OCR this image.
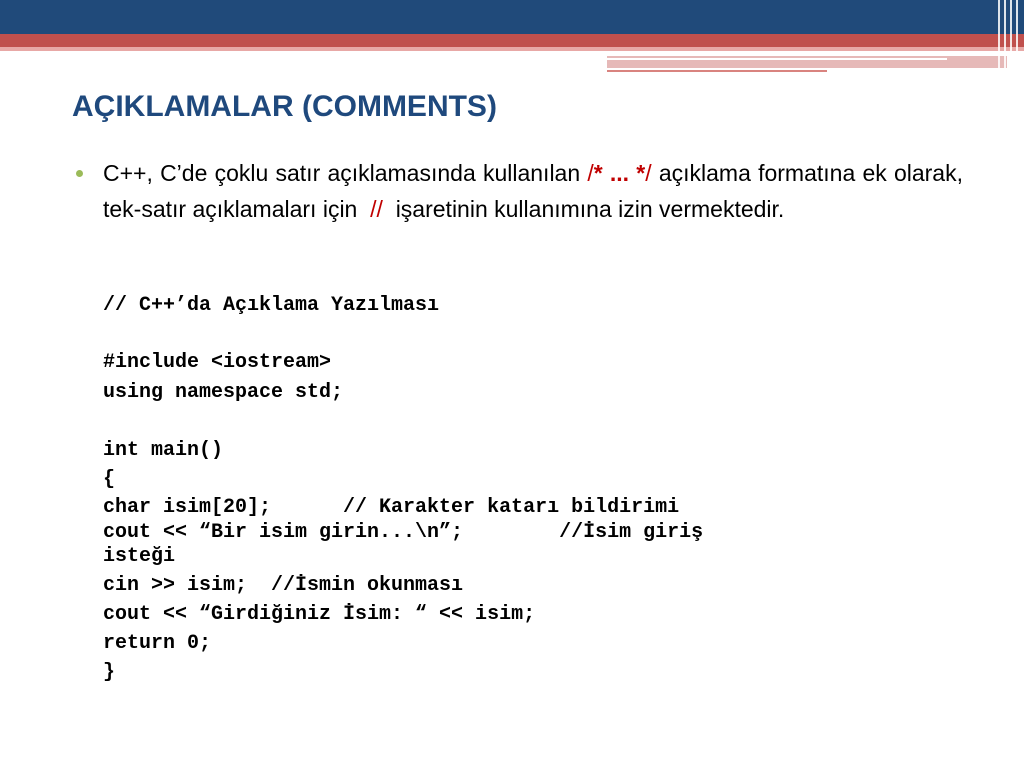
AÇIKLAMALAR (COMMENTS)

C++, C’de çoklu satır açıklamasında kullanılan /* ... */ açıklama formatına ek olarak, tek-satır açıklamaları için  //  işaretinin kullanımına izin vermektedir.

// C++’da Açıklama Yazılması
#include <iostream>
using namespace std;
int main()
{
char isim[20];      // Karakter katarı bildirimi
cout << “Bir isim girin...\n”;        //İsim giriş
isteği
cin >> isim;  //İsmin okunması
cout << “Girdiğiniz İsim: “ << isim;
return 0;
}
